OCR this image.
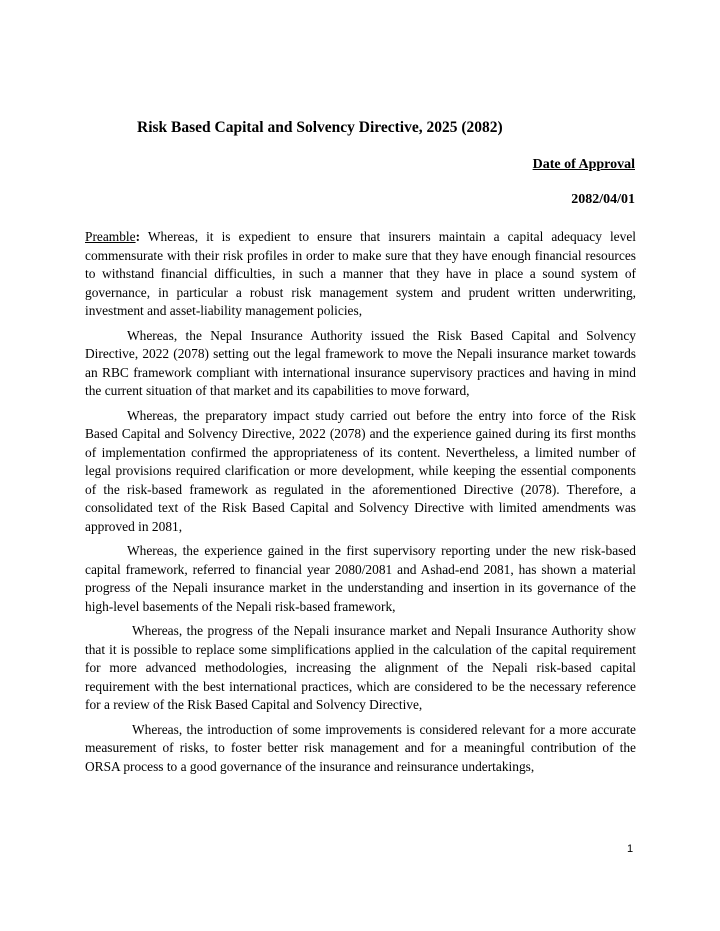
Risk Based Capital and Solvency Directive, 2025 (2082)
Date of Approval
2082/04/01

Preamble: Whereas, it is expedient to ensure that insurers maintain a capital adequacy level commensurate with their risk profiles in order to make sure that they have enough financial resources to withstand financial difficulties, in such a manner that they have in place a sound system of governance, in particular a robust risk management system and prudent written underwriting, investment and asset-liability management policies,

Whereas, the Nepal Insurance Authority issued the Risk Based Capital and Solvency Directive, 2022 (2078) setting out the legal framework to move the Nepali insurance market towards an RBC framework compliant with international insurance supervisory practices and having in mind the current situation of that market and its capabilities to move forward,

Whereas, the preparatory impact study carried out before the entry into force of the Risk Based Capital and Solvency Directive, 2022 (2078) and the experience gained during its first months of implementation confirmed the appropriateness of its content. Nevertheless, a limited number of legal provisions required clarification or more development, while keeping the essential components of the risk-based framework as regulated in the aforementioned Directive (2078). Therefore, a consolidated text of the Risk Based Capital and Solvency Directive with limited amendments was approved in 2081,

Whereas, the experience gained in the first supervisory reporting under the new risk-based capital framework, referred to financial year 2080/2081 and Ashad-end 2081, has shown a material progress of the Nepali insurance market in the understanding and insertion in its governance of the high-level basements of the Nepali risk-based framework,

Whereas, the progress of the Nepali insurance market and Nepali Insurance Authority show that it is possible to replace some simplifications applied in the calculation of the capital requirement for more advanced methodologies, increasing the alignment of the Nepali risk-based capital requirement with the best international practices, which are considered to be the necessary reference for a review of the Risk Based Capital and Solvency Directive,

Whereas, the introduction of some improvements is considered relevant for a more accurate measurement of risks, to foster better risk management and for a meaningful contribution of the ORSA process to a good governance of the insurance and reinsurance undertakings,

1
